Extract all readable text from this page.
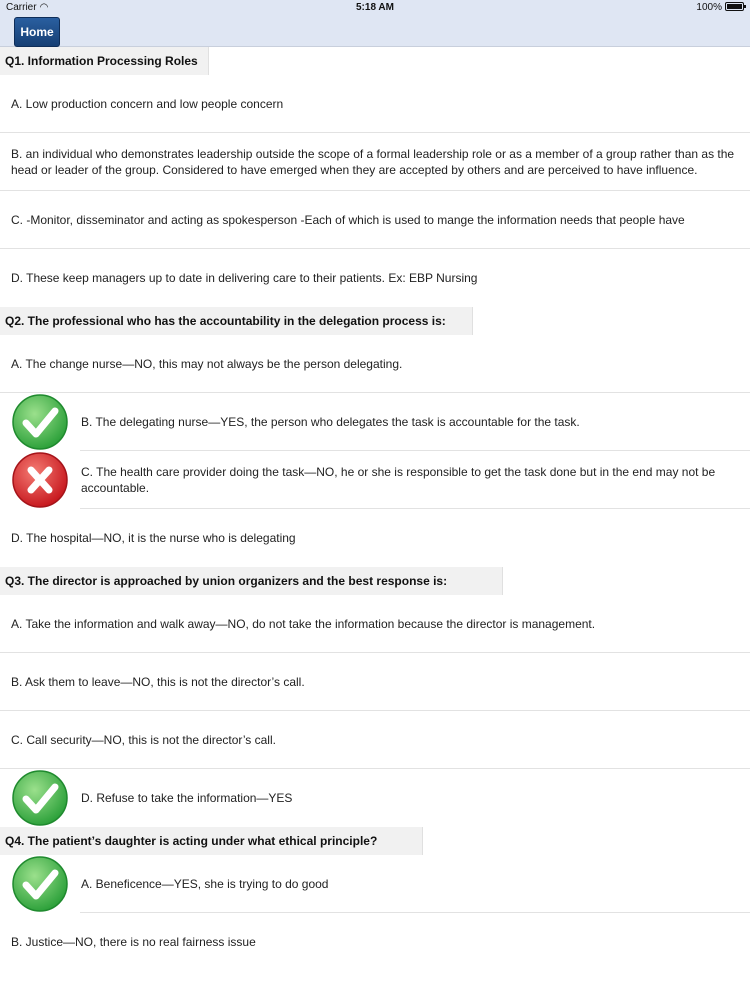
Carrier ◠	5:18 AM	100%
Home
Q1. Information Processing Roles
A. Low production concern and low people concern
B. an individual who demonstrates leadership outside the scope of a formal leadership role or as a member of a group rather than as the head or leader of the group. Considered to have emerged when they are accepted by others and are perceived to have influence.
C. -Monitor, disseminator and acting as spokesperson -Each of which is used to mange the information needs that people have
D. These keep managers up to date in delivering care to their patients. Ex: EBP Nursing
Q2. The professional who has the accountability in the delegation process is:
A. The change nurse—NO, this may not always be the person delegating.
B. The delegating nurse—YES, the person who delegates the task is accountable for the task.
C. The health care provider doing the task—NO, he or she is responsible to get the task done but in the end may not be accountable.
D. The hospital—NO, it is the nurse who is delegating
Q3. The director is approached by union organizers and the best response is:
A. Take the information and walk away—NO, do not take the information because the director is management.
B. Ask them to leave—NO, this is not the director’s call.
C. Call security—NO, this is not the director’s call.
D. Refuse to take the information—YES
Q4. The patient’s daughter is acting under what ethical principle?
A. Beneficence—YES, she is trying to do good
B. Justice—NO, there is no real fairness issue
